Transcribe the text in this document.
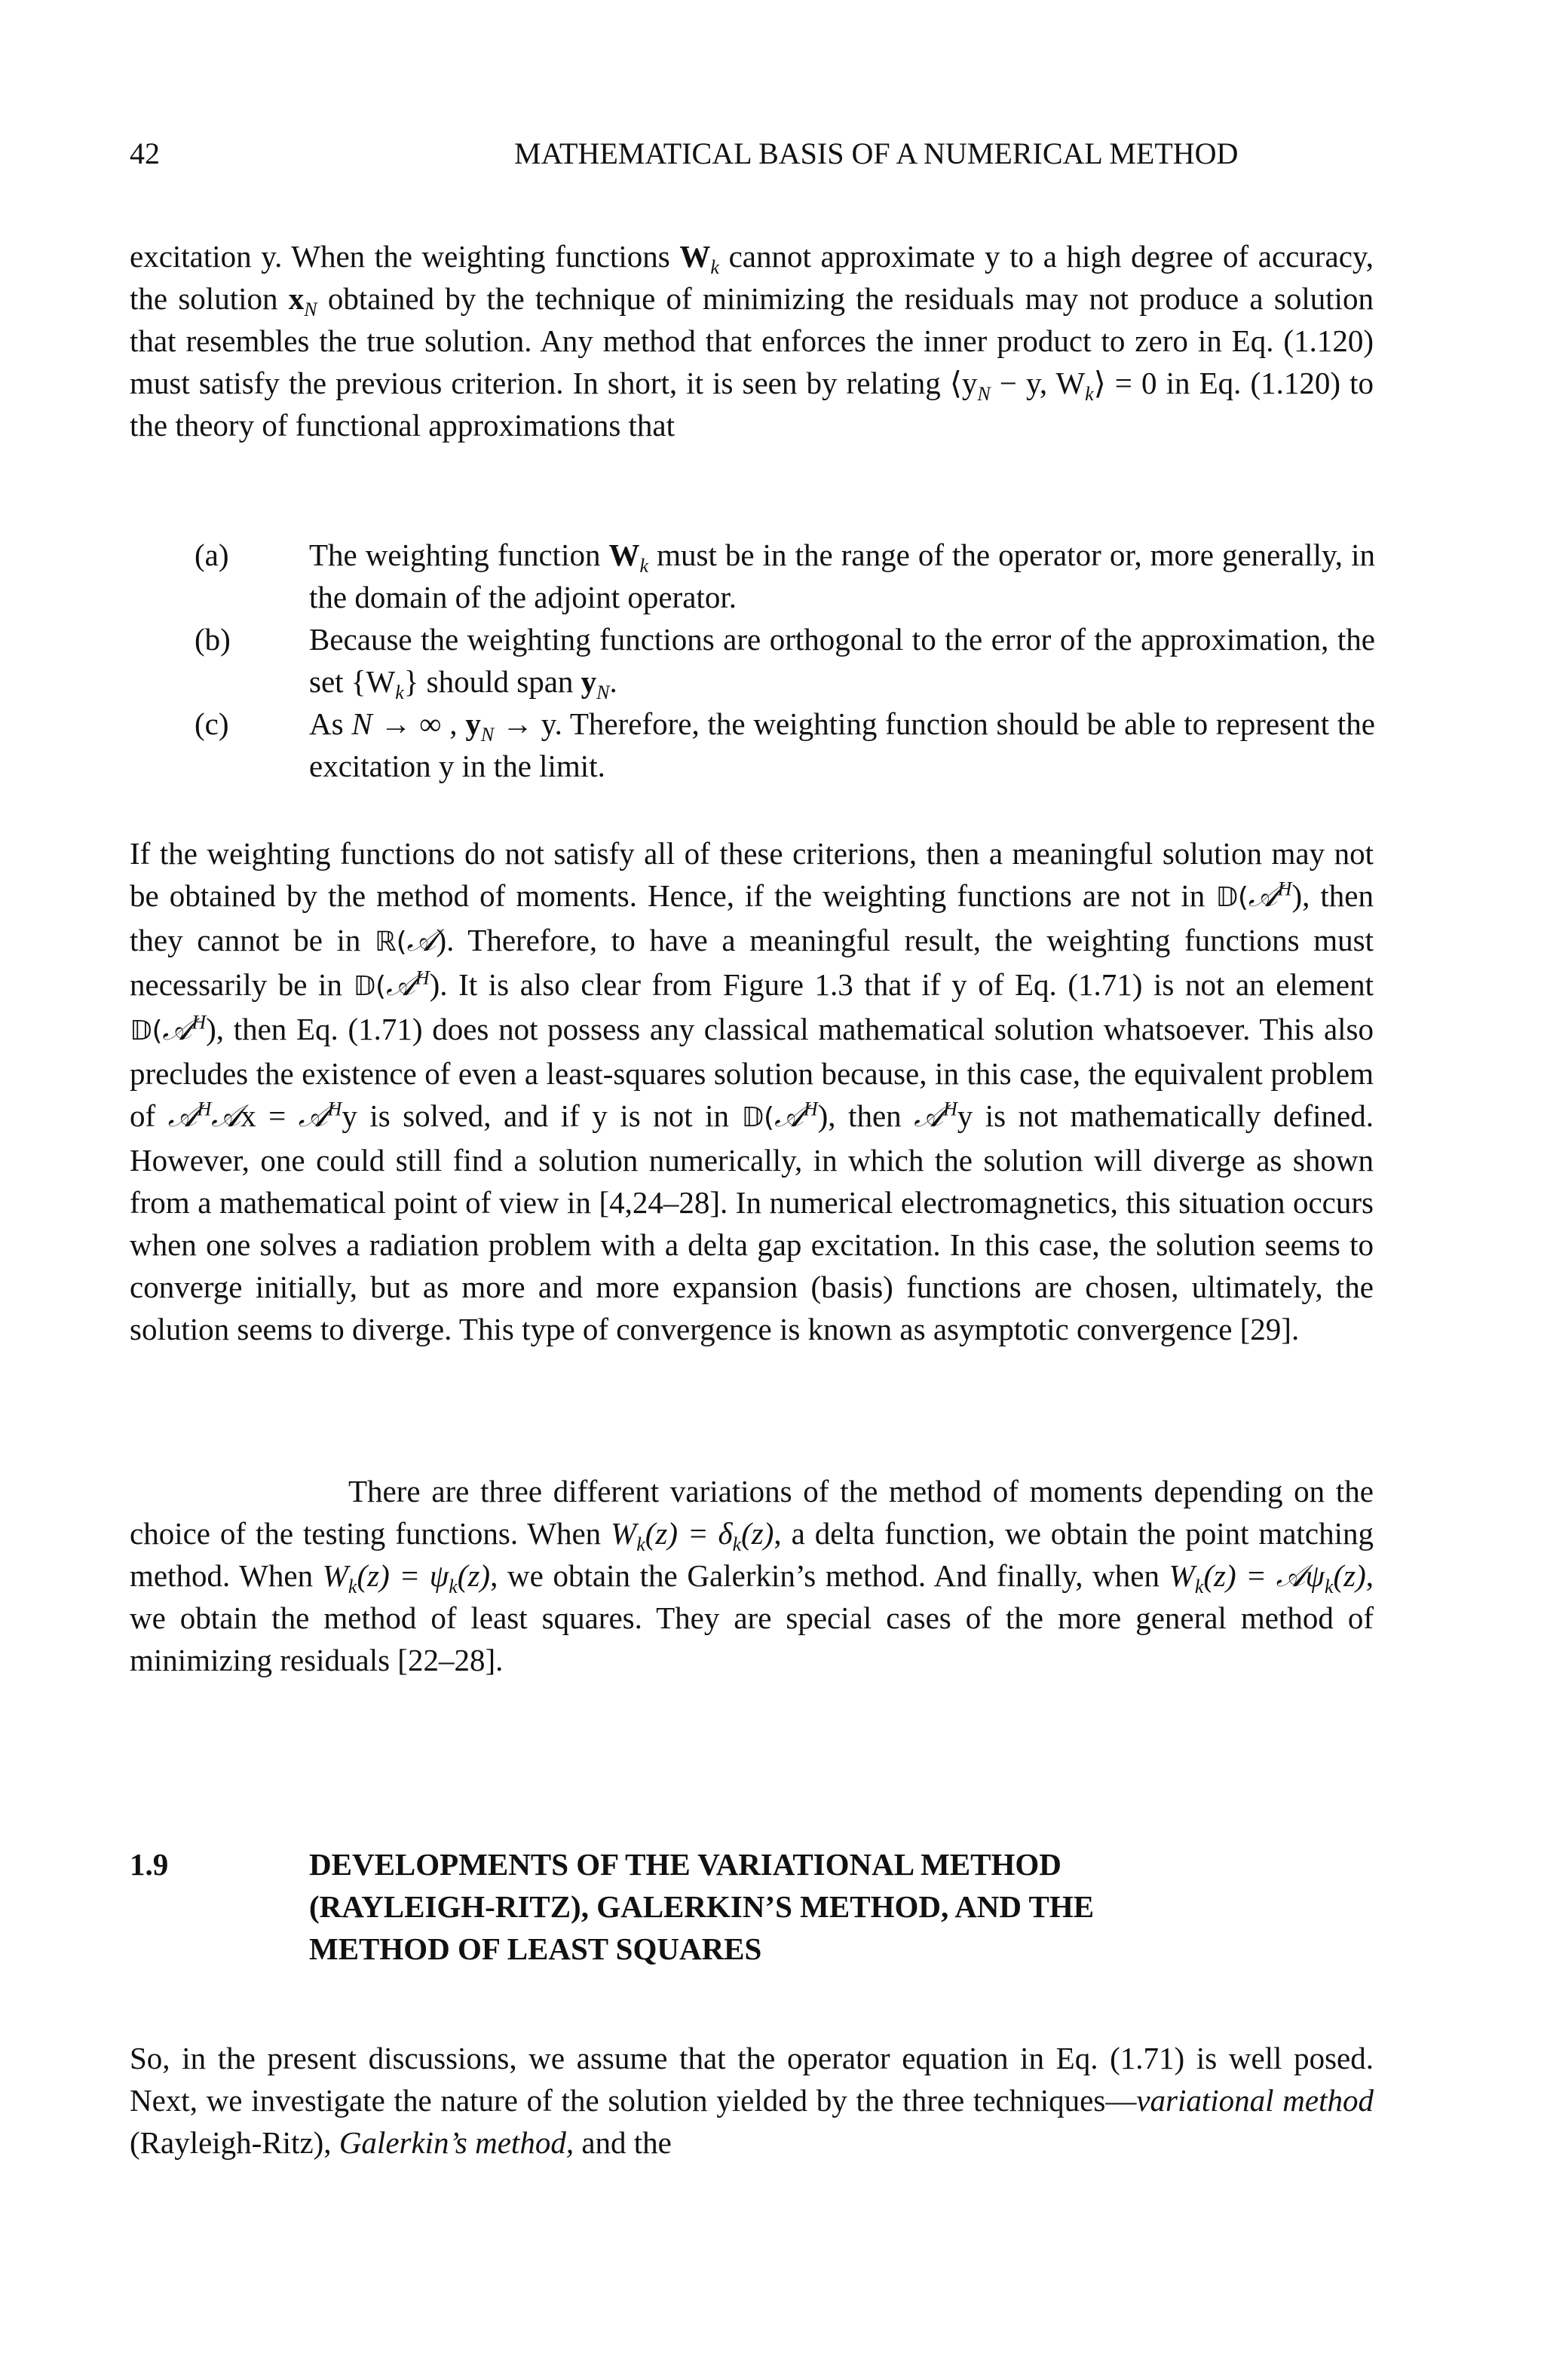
42	MATHEMATICAL BASIS OF A NUMERICAL METHOD

excitation y. When the weighting functions $W_k$ cannot approximate y to a high degree of accuracy, the solution $x_N$ obtained by the technique of minimizing the residuals may not produce a solution that resembles the true solution. Any method that enforces the inner product to zero in Eq. (1.120) must satisfy the previous criterion. In short, it is seen by relating $⟨y_N - y$, $W_k⟩ = 0$ in Eq. (1.120) to the theory of functional approximations that

(a)	The weighting function $W_k$ must be in the range of the operator or, more generally, in the domain of the adjoint operator.

(b)	Because the weighting functions are orthogonal to the error of the approximation, the set $\{W_k\}$ should span $y_N$.

(c)	As N → ∞ , $y_N \to y$. Therefore, the weighting function should be able to represent the excitation y in the limit.

If the weighting functions do not satisfy all of these criterions, then a meaningful solution may not be obtained by the method of moments. Hence, if the weighting functions are not in 𝔻(𝒜$^H$), then they cannot be in ℝ(𝒜). Therefore, to have a meaningful result, the weighting functions must necessarily be in 𝔻(𝒜$^H$). It is also clear from Figure 1.3 that if y of Eq. (1.71) is not an element 𝔻(𝒜$^H$), then Eq. (1.71) does not possess any classical mathematical solution whatsoever. This also precludes the existence of even a least-squares solution because, in this case, the equivalent problem of 𝒜$^H$𝒜x = 𝒜$^H$y is solved, and if y is not in 𝔻(𝒜$^H$), then 𝒜$^H$y is not mathematically defined. However, one could still find a solution numerically, in which the solution will diverge as shown from a mathematical point of view in [4,24–28]. In numerical electromagnetics, this situation occurs when one solves a radiation problem with a delta gap excitation. In this case, the solution seems to converge initially, but as more and more expansion (basis) functions are chosen, ultimately, the solution seems to diverge. This type of convergence is known as asymptotic convergence [29].

There are three different variations of the method of moments depending on the choice of the testing functions. When $W_k(z) = \delta_k(z)$, a delta function, we obtain the point matching method. When $W_k(z) = \psi_k(z)$, we obtain the Galerkin’s method. And finally, when $W_k(z)$ = 𝒜ψ$_k$(z), we obtain the method of least squares. They are special cases of the more general method of minimizing residuals [22–28].

1.9	DEVELOPMENTS OF THE VARIATIONAL METHOD
(RAYLEIGH-RITZ), GALERKIN’S METHOD, AND THE
METHOD OF LEAST SQUARES

So, in the present discussions, we assume that the operator equation in Eq. (1.71) is well posed. Next, we investigate the nature of the solution yielded by the three techniques—variational method (Rayleigh-Ritz), Galerkin’s method, and the
